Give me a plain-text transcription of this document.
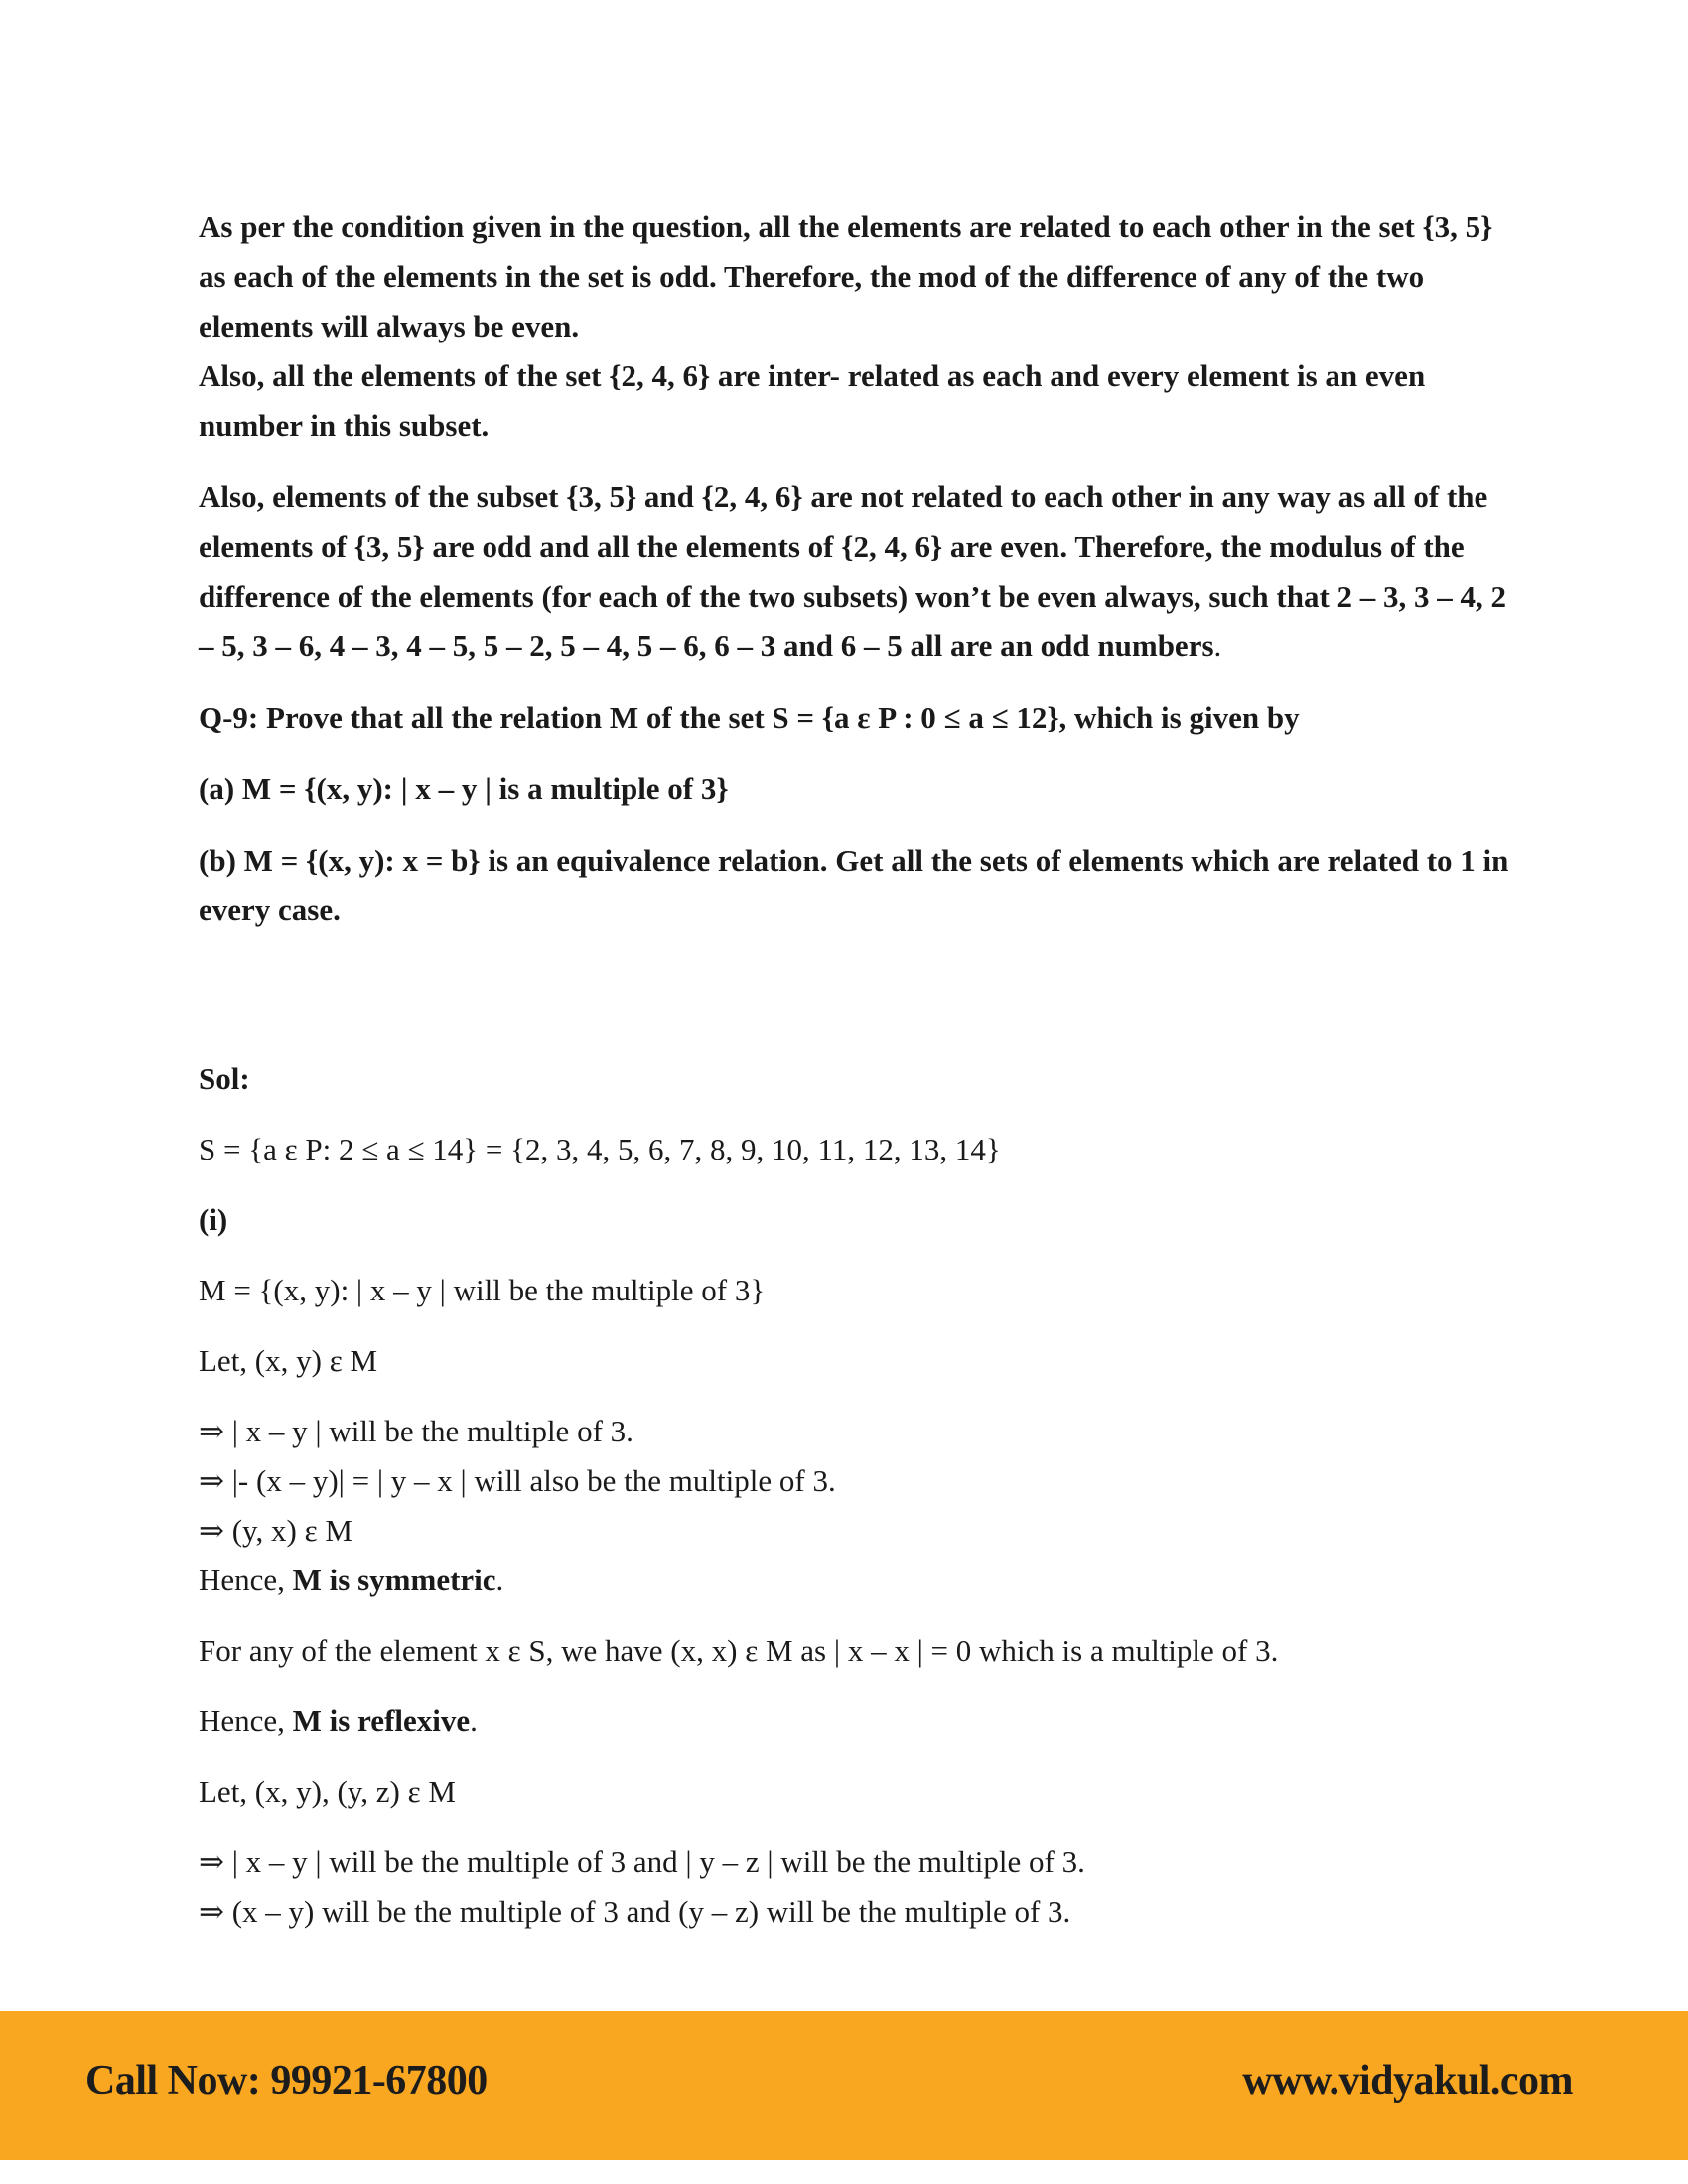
As per the condition given in the question, all the elements are related to each other in the set {3, 5} as each of the elements in the set is odd. Therefore, the mod of the difference of any of the two elements will always be even.

Also, all the elements of the set {2, 4, 6} are inter- related as each and every element is an even number in this subset.

Also, elements of the subset {3, 5} and {2, 4, 6} are not related to each other in any way as all of the elements of {3, 5} are odd and all the elements of {2, 4, 6} are even. Therefore, the modulus of the difference of the elements (for each of the two subsets) won’t be even always, such that 2 – 3, 3 – 4, 2 – 5, 3 – 6, 4 – 3, 4 – 5, 5 – 2, 5 – 4, 5 – 6, 6 – 3 and 6 – 5 all are an odd numbers.

Q-9: Prove that all the relation M of the set S = {a ε P : 0 ≤ a ≤ 12}, which is given by

(a) M = {(x, y): | x – y | is a multiple of 3}

(b) M = {(x, y): x = b} is an equivalence relation. Get all the sets of elements which are related to 1 in every case.

Sol:

S = {a ε P: 2 ≤ a ≤ 14} = {2, 3, 4, 5, 6, 7, 8, 9, 10, 11, 12, 13, 14}

(i)

M = {(x, y): | x – y | will be the multiple of 3}

Let, (x, y) ε M

⇒ | x – y | will be the multiple of 3.

⇒ |- (x – y)| = | y – x | will also be the multiple of 3.

⇒ (y, x) ε M

Hence, M is symmetric.

For any of the element x ε S, we have (x, x) ε M as | x – x | = 0 which is a multiple of 3.

Hence, M is reflexive.

Let, (x, y), (y, z) ε M

⇒ | x – y | will be the multiple of 3 and | y – z | will be the multiple of 3.

⇒ (x – y) will be the multiple of 3 and (y – z) will be the multiple of 3.

Call Now: 99921-67800	www.vidyakul.com
